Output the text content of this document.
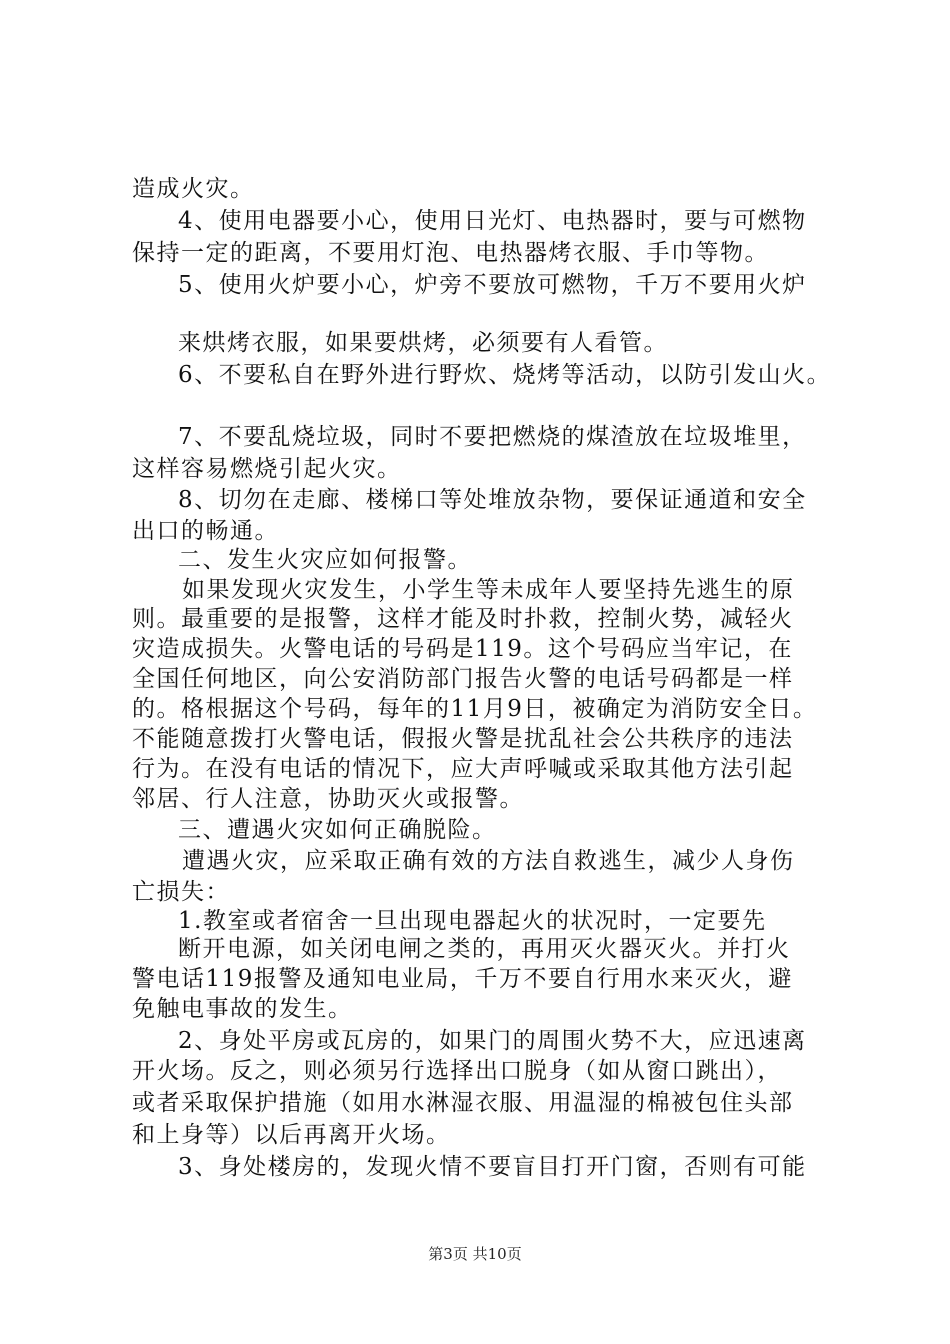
造成火灾。
4、使用电器要小心，使用日光灯、电热器时，要与可燃物
保持一定的距离，不要用灯泡、电热器烤衣服、手巾等物。
5、使用火炉要小心，炉旁不要放可燃物，千万不要用火炉
来烘烤衣服，如果要烘烤，必须要有人看管。
6、不要私自在野外进行野炊、烧烤等活动，以防引发山火。
7、不要乱烧垃圾，同时不要把燃烧的煤渣放在垃圾堆里，
这样容易燃烧引起火灾。
8、切勿在走廊、楼梯口等处堆放杂物，要保证通道和安全
出口的畅通。
二、发生火灾应如何报警。
如果发现火灾发生，小学生等未成年人要坚持先逃生的原
则。最重要的是报警，这样才能及时扑救，控制火势，减轻火
灾造成损失。火警电话的号码是119。这个号码应当牢记，在
全国任何地区，向公安消防部门报告火警的电话号码都是一样
的。格根据这个号码，每年的11月9日，被确定为消防安全日。
不能随意拨打火警电话，假报火警是扰乱社会公共秩序的违法
行为。在没有电话的情况下，应大声呼喊或采取其他方法引起
邻居、行人注意，协助灭火或报警。
三、遭遇火灾如何正确脱险。
遭遇火灾，应采取正确有效的方法自救逃生，减少人身伤
亡损失：
1.教室或者宿舍一旦出现电器起火的状况时，一定要先
断开电源，如关闭电闸之类的，再用灭火器灭火。并打火
警电话119报警及通知电业局，千万不要自行用水来灭火，避
免触电事故的发生。
2、身处平房或瓦房的，如果门的周围火势不大，应迅速离
开火场。反之，则必须另行选择出口脱身（如从窗口跳出），
或者采取保护措施（如用水淋湿衣服、用温湿的棉被包住头部
和上身等）以后再离开火场。
3、身处楼房的，发现火情不要盲目打开门窗，否则有可能
第3页 共10页
